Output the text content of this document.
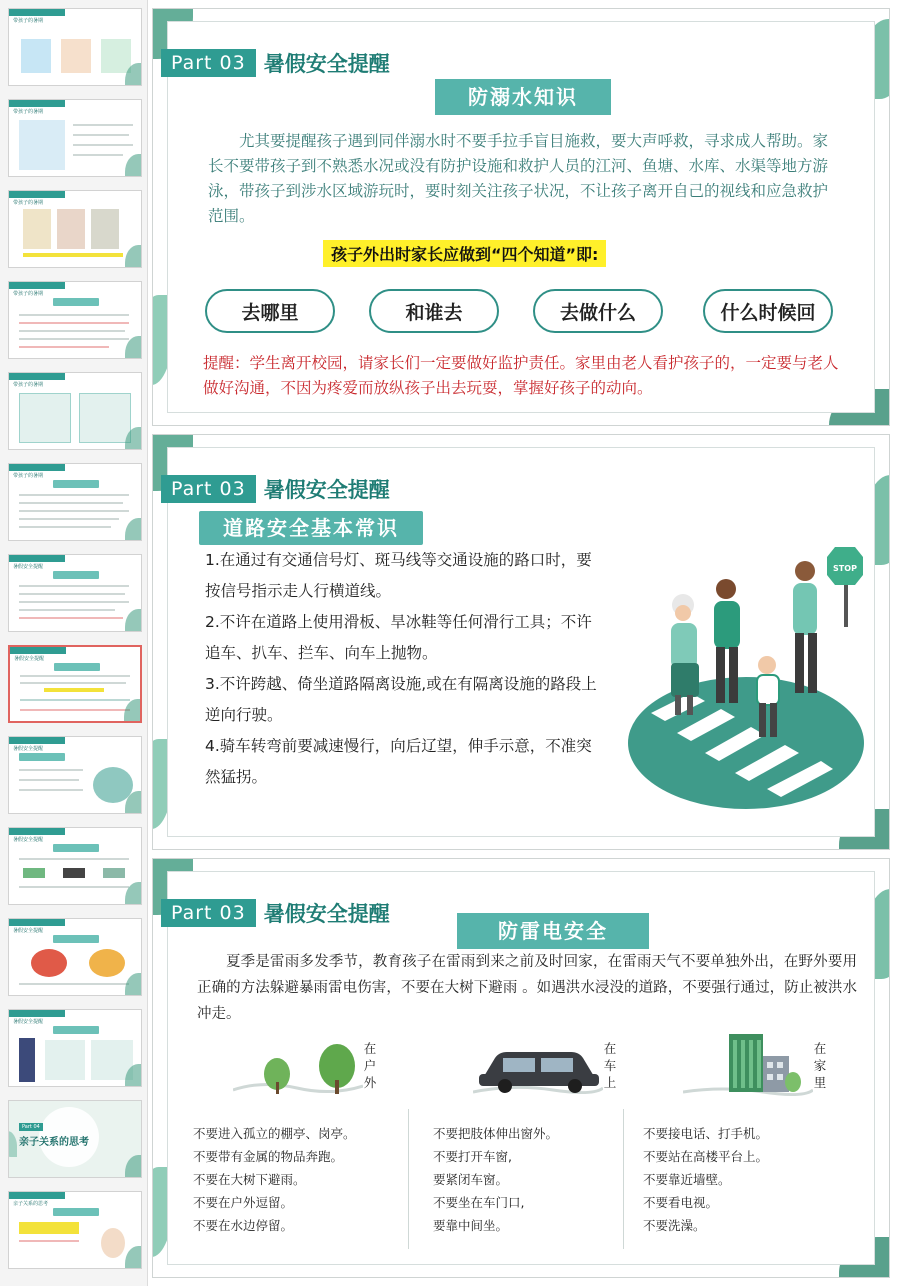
带孩子的暑期
带孩子的暑期
带孩子的暑期
带孩子的暑期
带孩子的暑期
带孩子的暑期
暑假安全提醒
暑假安全提醒
暑假安全提醒
暑假安全提醒
暑假安全提醒
暑假安全提醒
Part 04
亲子关系的思考
亲子关系的思考
Part 03 暑假安全提醒
防溺水知识
尤其要提醒孩子遇到同伴溺水时不要手拉手盲目施救，要大声呼救，寻求成人帮助。家长不要带孩子到不熟悉水况或没有防护设施和救护人员的江河、鱼塘、水库、水渠等地方游泳，带孩子到涉水区域游玩时，要时刻关注孩子状况，不让孩子离开自己的视线和应急救护范围。
孩子外出时家长应做到“四个知道”即:
去哪里	和谁去	去做什么	什么时候回
提醒：学生离开校园，请家长们一定要做好监护责任。家里由老人看护孩子的，一定要与老人做好沟通，不因为疼爱而放纵孩子出去玩耍，掌握好孩子的动向。
Part 03 暑假安全提醒
道路安全基本常识

1.在通过有交通信号灯、斑马线等交通设施的路口时，要按信号指示走人行横道线。

2.不许在道路上使用滑板、旱冰鞋等任何滑行工具；不许追车、扒车、拦车、向车上抛物。

3.不许跨越、倚坐道路隔离设施,或在有隔离设施的路段上逆向行驶。

4.骑车转弯前要减速慢行，向后辽望，伸手示意，不准突然猛拐。

STOP
Part 03 暑假安全提醒
防雷电安全
夏季是雷雨多发季节，教育孩子在雷雨到来之前及时回家，在雷雨天气不要单独外出，在野外要用正确的方法躲避暴雨雷电伤害，不要在大树下避雨 。如遇洪水浸没的道路，不要强行通过，防止被洪水冲走。
在户外

不要进入孤立的棚亭、岗亭。

不要带有金属的物品奔跑。

不要在大树下避雨。

不要在户外逗留。

不要在水边停留。

在车上

不要把肢体伸出窗外。

不要打开车窗,

要紧闭车窗。

不要坐在车门口,

要靠中间坐。

在家里

不要接电话、打手机。

不要站在高楼平台上。

不要靠近墙壁。

不要看电视。

不要洗澡。
